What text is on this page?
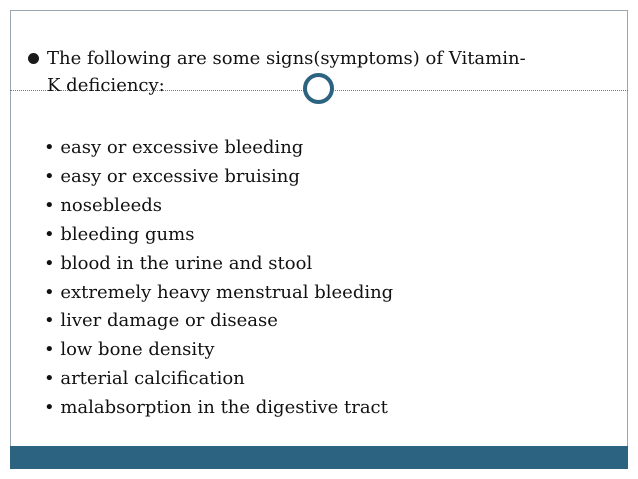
The following are some signs(symptoms) of Vitamin-
K deficiency:
• easy or excessive bleeding
• easy or excessive bruising
• nosebleeds
• bleeding gums
• blood in the urine and stool
• extremely heavy menstrual bleeding
• liver damage or disease
• low bone density
• arterial calcification
• malabsorption in the digestive tract
